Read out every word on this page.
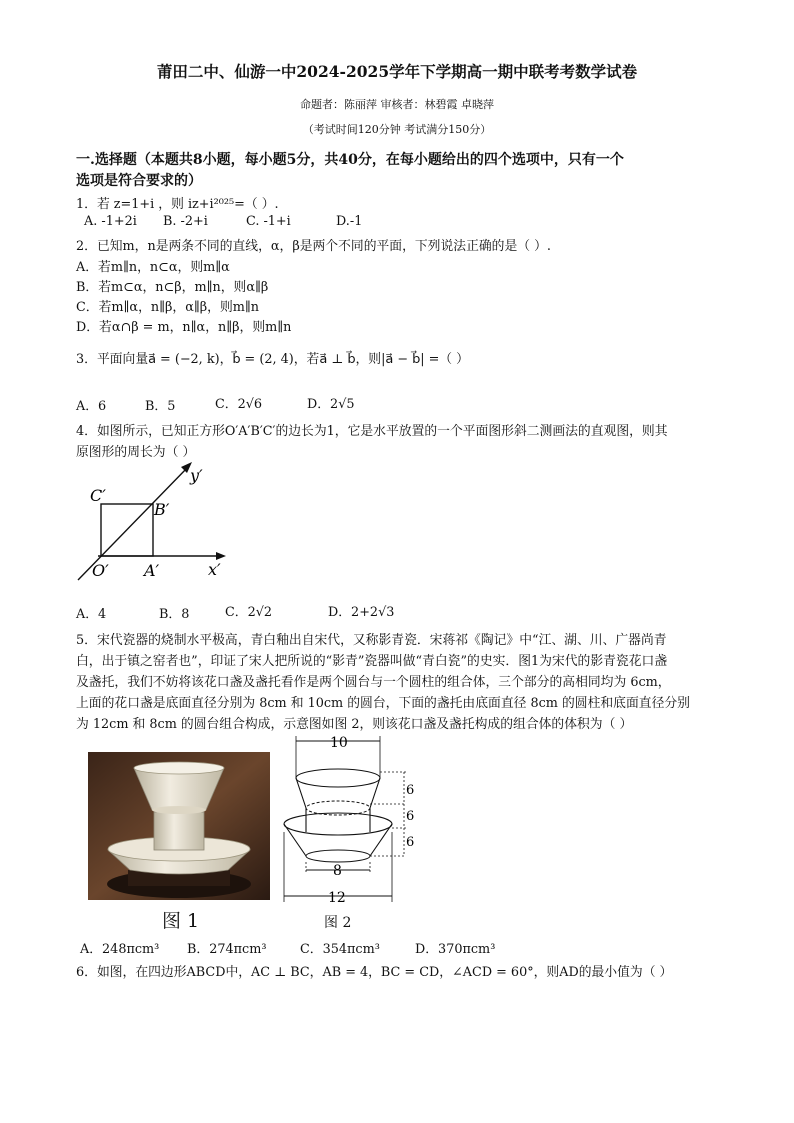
莆田二中、仙游一中2024-2025学年下学期高一期中联考考数学试卷
命题者：陈丽萍 审核者：林碧霞 卓晓萍
（考试时间120分钟 考试满分150分）
一.选择题（本题共8小题，每小题5分，共40分，在每小题给出的四个选项中，只有一个
选项是符合要求的）
1．若 z=1+i ，则 iz+i²⁰²⁵=（ ）.
A. -1+2i B. -2+i	C. -1+i	D.-1
2．已知m，n是两条不同的直线，α，β是两个不同的平面，下列说法正确的是（ ）.
A．若m∥n，n⊂α，则m∥α
B．若m⊂α，n⊂β，m∥n，则α∥β
C．若m∥α，n∥β，α∥β，则m∥n
D．若α∩β = m，n∥α，n∥β，则m∥n
3．平面向量a⃗ = (−2, k)，b⃗ = (2, 4)，若a⃗ ⊥ b⃗，则|a⃗ − b⃗| =（ ）
A．6	B．5	C．2√6	D．2√5
4．如图所示，已知正方形O′A′B′C′的边长为1，它是水平放置的一个平面图形斜二测画法的直观图，则其
原图形的周长为（ ）
C′
B′
O′ A′	x′
y′
A．4	B．8	C．2√2	D．2+2√3
5．宋代瓷器的烧制水平极高，青白釉出自宋代，又称影青瓷．宋蒋祁《陶记》中“江、湖、川、广器尚青
白，出于镇之窑者也”，印证了宋人把所说的“影青”瓷器叫做“青白瓷”的史实．图1为宋代的影青瓷花口盏
及盏托，我们不妨将该花口盏及盏托看作是两个圆台与一个圆柱的组合体，三个部分的高相同均为 6cm，
上面的花口盏是底面直径分别为 8cm 和 10cm 的圆台，下面的盏托由底面直径 8cm 的圆柱和底面直径分别
为 12cm 和 8cm 的圆台组合构成，示意图如图 2，则该花口盏及盏托构成的组合体的体积为（ ）
图 1
10
8
12
6
6
6
图 2
A．248πcm³ B．274πcm³	C．354πcm³	D．370πcm³
6．如图，在四边形ABCD中，AC ⊥ BC，AB = 4，BC = CD，∠ACD = 60°，则AD的最小值为（ ）
